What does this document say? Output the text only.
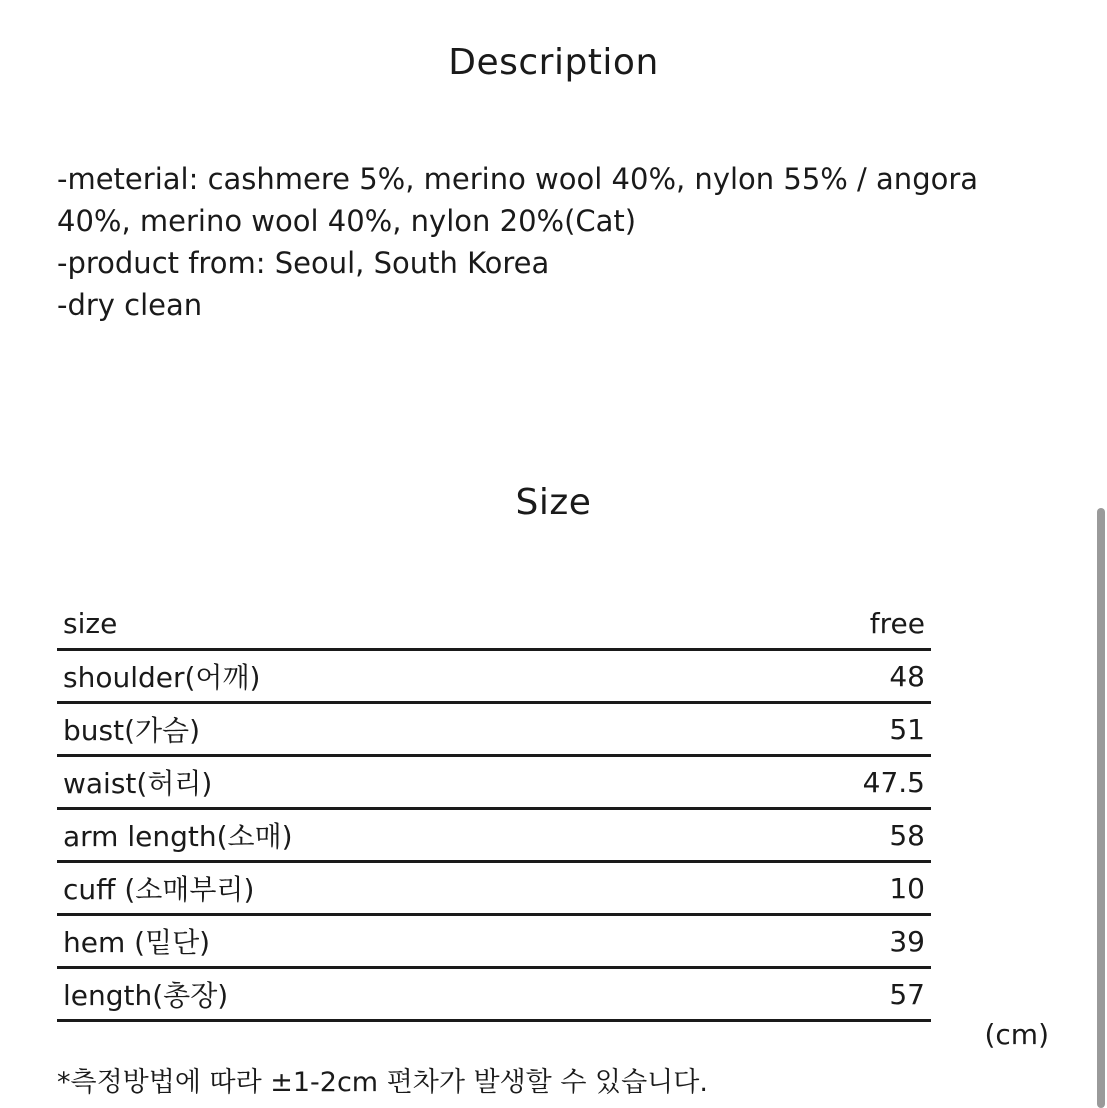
Description
-meterial: cashmere 5%, merino wool 40%, nylon 55% / angora
40%, merino wool 40%, nylon 20%(Cat)
-product from: Seoul, South Korea
-dry clean
Size
size	free
shoulder(어깨)	48
bust(가슴)	51
waist(허리)	47.5
arm length(소매)	58
cuff (소매부리)	10
hem (밑단)	39
length(총장)	57
(cm)
*측정방법에 따라 ±1-2cm 편차가 발생할 수 있습니다.
